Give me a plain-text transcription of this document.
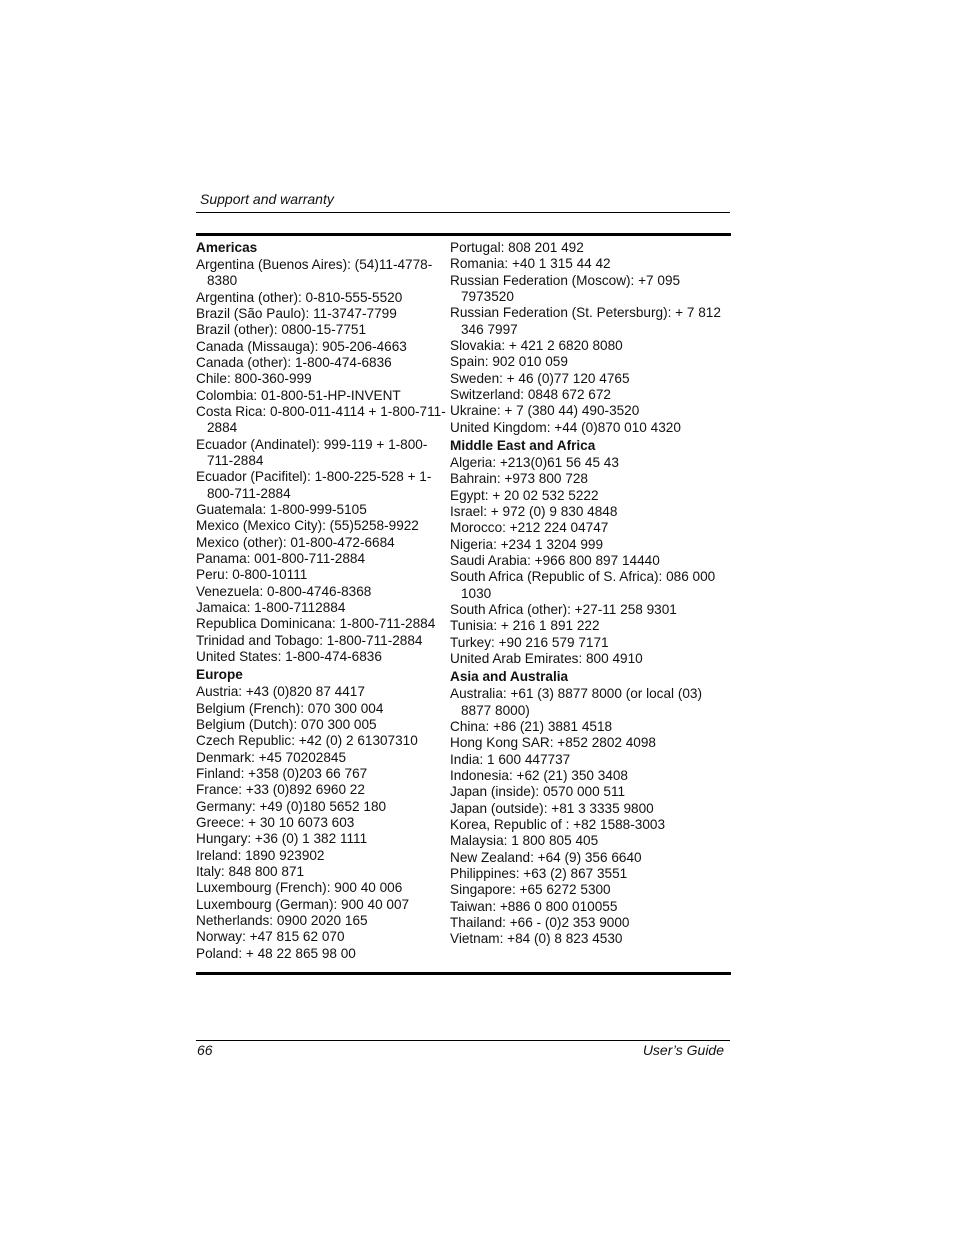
Support and warranty
Americas
Argentina (Buenos Aires): (54)11-4778-8380
Argentina (other): 0-810-555-5520
Brazil (São Paulo): 11-3747-7799
Brazil (other): 0800-15-7751
Canada (Missauga): 905-206-4663
Canada (other): 1-800-474-6836
Chile: 800-360-999
Colombia: 01-800-51-HP-INVENT
Costa Rica: 0-800-011-4114 + 1-800-711-2884
Ecuador (Andinatel): 999-119 + 1-800-711-2884
Ecuador (Pacifitel): 1-800-225-528 + 1-800-711-2884
Guatemala: 1-800-999-5105
Mexico (Mexico City): (55)5258-9922
Mexico (other): 01-800-472-6684
Panama: 001-800-711-2884
Peru: 0-800-10111
Venezuela: 0-800-4746-8368
Jamaica: 1-800-7112884
Republica Dominicana: 1-800-711-2884
Trinidad and Tobago: 1-800-711-2884
United States: 1-800-474-6836
Europe
Austria: +43 (0)820 87 4417
Belgium (French): 070 300 004
Belgium (Dutch): 070 300 005
Czech Republic: +42 (0) 2 61307310
Denmark: +45 70202845
Finland: +358 (0)203 66 767
France: +33 (0)892 6960 22
Germany: +49 (0)180 5652 180
Greece: + 30 10 6073 603
Hungary: +36 (0) 1 382 1111
Ireland: 1890 923902
Italy: 848 800 871
Luxembourg (French): 900 40 006
Luxembourg (German): 900 40 007
Netherlands: 0900 2020 165
Norway: +47 815 62 070
Poland: + 48 22 865 98 00
Portugal: 808 201 492
Romania: +40 1 315 44 42
Russian Federation (Moscow): +7 095 7973520
Russian Federation (St. Petersburg): + 7 812 346 7997
Slovakia: + 421 2 6820 8080
Spain: 902 010 059
Sweden: + 46 (0)77 120 4765
Switzerland: 0848 672 672
Ukraine: + 7 (380 44) 490-3520
United Kingdom: +44 (0)870 010 4320
Middle East and Africa
Algeria: +213(0)61 56 45 43
Bahrain: +973 800 728
Egypt: + 20 02 532 5222
Israel: + 972 (0) 9 830 4848
Morocco: +212 224 04747
Nigeria: +234 1 3204 999
Saudi Arabia: +966 800 897 14440
South Africa (Republic of S. Africa): 086 000 1030
South Africa (other): +27-11 258 9301
Tunisia: + 216 1 891 222
Turkey: +90 216 579 7171
United Arab Emirates: 800 4910
Asia and Australia
Australia: +61 (3) 8877 8000 (or local (03) 8877 8000)
China: +86 (21) 3881 4518
Hong Kong SAR: +852 2802 4098
India: 1 600 447737
Indonesia: +62 (21) 350 3408
Japan (inside): 0570 000 511
Japan (outside): +81 3 3335 9800
Korea, Republic of : +82 1588-3003
Malaysia: 1 800 805 405
New Zealand: +64 (9) 356 6640
Philippines: +63 (2) 867 3551
Singapore: +65 6272 5300
Taiwan: +886 0 800 010055
Thailand: +66 - (0)2 353 9000
Vietnam: +84 (0) 8 823 4530
66	User’s Guide
